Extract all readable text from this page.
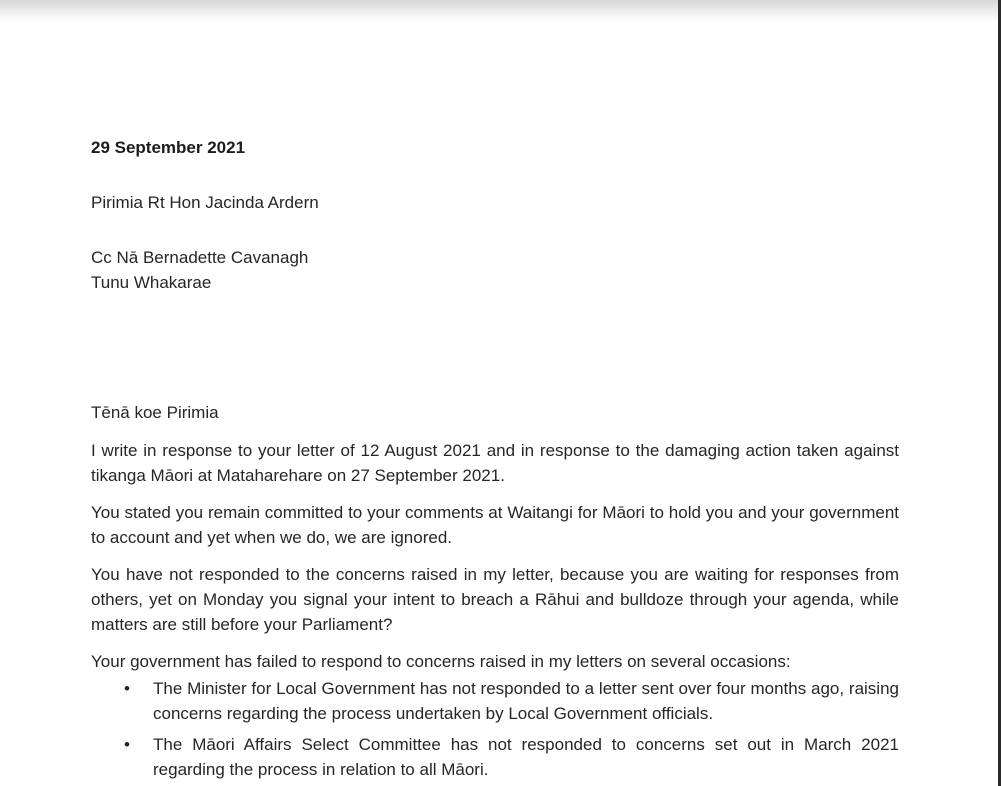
29 September 2021
Pirimia Rt Hon Jacinda Ardern
Cc Nā Bernadette Cavanagh
Tunu Whakarae

Tēnā koe Pirimia

I write in response to your letter of 12 August 2021 and in response to the damaging action taken against tikanga Māori at Mataharehare on 27 September 2021.

You stated you remain committed to your comments at Waitangi for Māori to hold you and your government to account and yet when we do, we are ignored.

You have not responded to the concerns raised in my letter, because you are waiting for responses from others, yet on Monday you signal your intent to breach a Rāhui and bulldoze through your agenda, while matters are still before your Parliament?

Your government has failed to respond to concerns raised in my letters on several occasions:

• The Minister for Local Government has not responded to a letter sent over four months ago, raising concerns regarding the process undertaken by Local Government officials.
• The Māori Affairs Select Committee has not responded to concerns set out in March 2021 regarding the process in relation to all Māori.
